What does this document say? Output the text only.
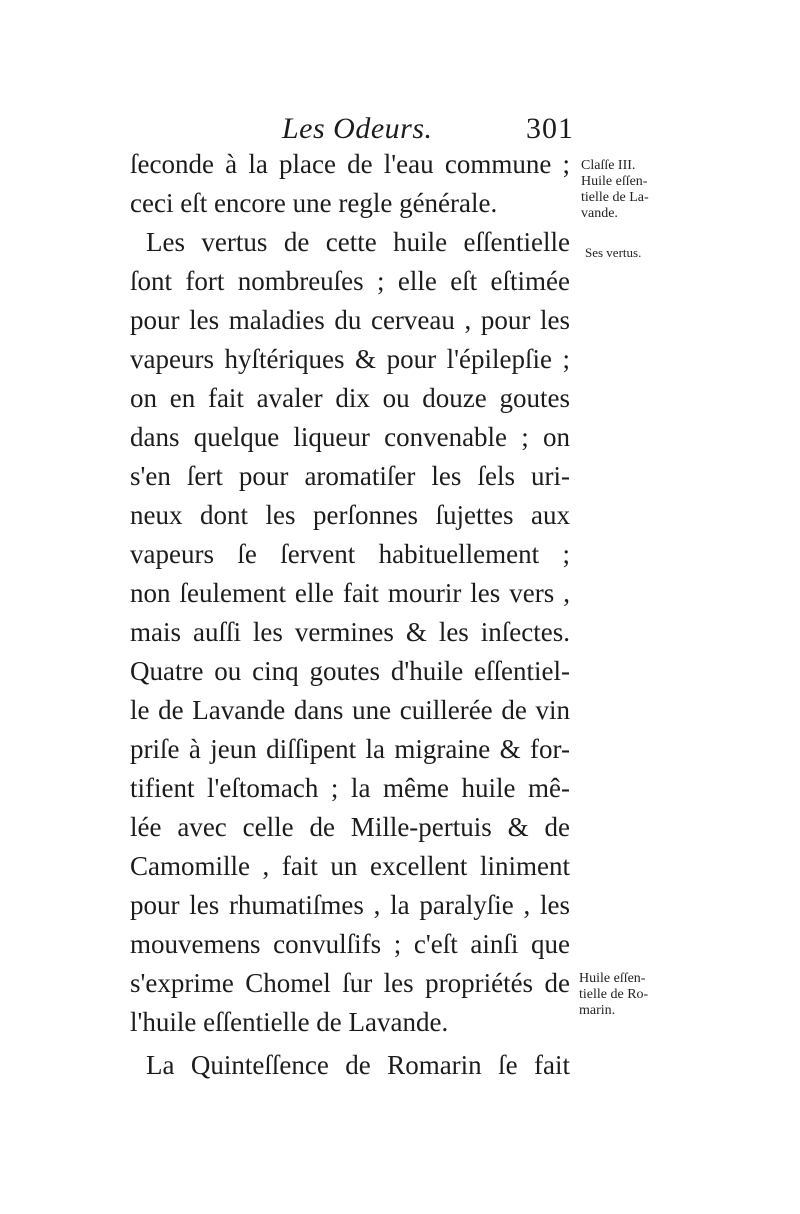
Les Odeurs.	301
ſeconde à la place de l'eau commune ;
ceci eſt encore une regle générale.
Les vertus de cette huile eſſentielle
ſont fort nombreuſes ; elle eſt eſtimée
pour les maladies du cerveau , pour les
vapeurs hyſtériques & pour l'épilepſie ;
on en fait avaler dix ou douze goutes
dans quelque liqueur convenable ; on
s'en ſert pour aromatiſer les ſels uri-
neux dont les perſonnes ſujettes aux
vapeurs ſe ſervent habituellement ;
non ſeulement elle fait mourir les vers ,
mais auſſi les vermines & les inſectes.
Quatre ou cinq goutes d'huile eſſentiel-
le de Lavande dans une cuillerée de vin
priſe à jeun diſſipent la migraine & for-
tifient l'eſtomach ; la même huile mê-
lée avec celle de Mille-pertuis & de
Camomille , fait un excellent liniment
pour les rhumatiſmes , la paralyſie , les
mouvemens convulſifs ; c'eſt ainſi que
s'exprime Chomel ſur les propriétés de
l'huile eſſentielle de Lavande.
La Quinteſſence de Romarin ſe fait
Claſſe III.
Huile eſſen-
tielle de La-
vande.
Ses vertus.
Huile eſſen-
tielle de Ro-
marin.
